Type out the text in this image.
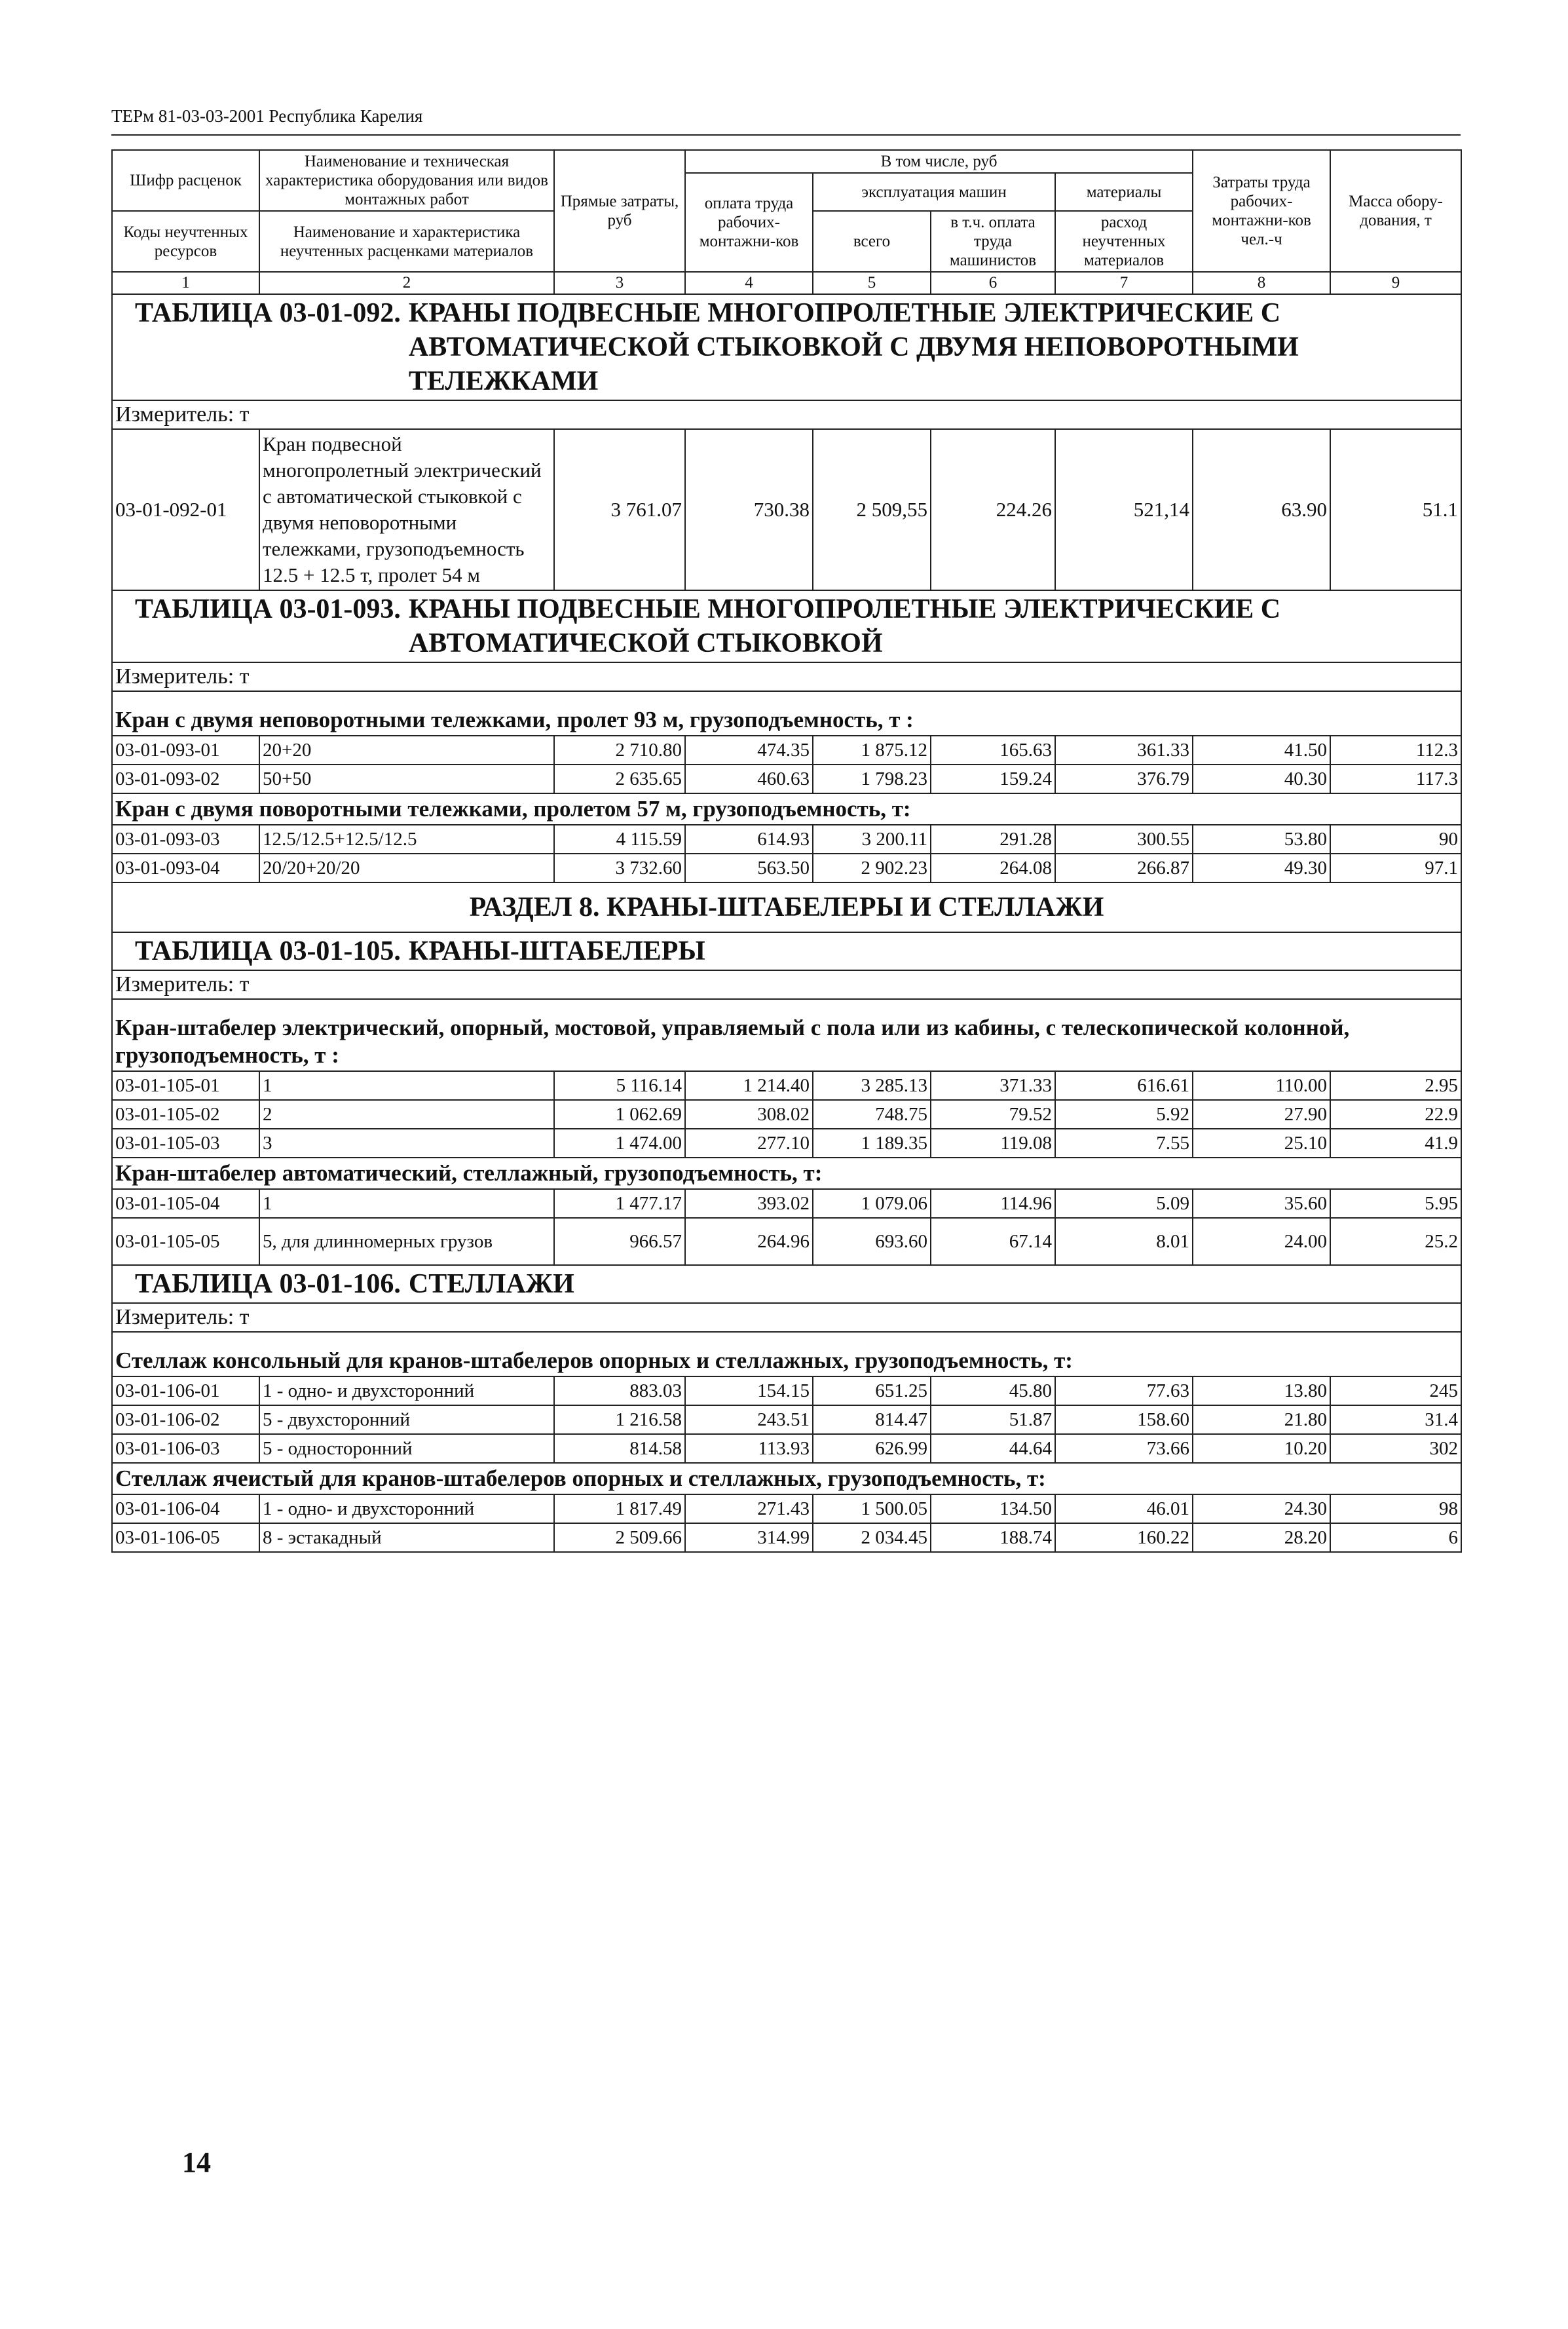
ТЕРм 81-03-03-2001 Республика Карелия
Шифр расценок	Наименование и техническая характеристика оборудования или видов монтажных работ	Прямые затраты, руб	В том числе, руб				Затраты труда рабочих-монтажни-ков чел.-ч	Масса обору-дования, т
			оплата труда рабочих-монтажни-ков	эксплуатация машин		материалы		
Коды неучтенных ресурсов	Наименование и характеристика неучтенных расценками материалов			всего	в т.ч. оплата труда машинистов	расход неучтенных материалов		

1	2	3	4	5	6	7	8	9

ТАБЛИЦА 03-01-092. КРАНЫ ПОДВЕСНЫЕ МНОГОПРОЛЕТНЫЕ ЭЛЕКТРИЧЕСКИЕ С АВТОМАТИЧЕСКОЙ СТЫКОВКОЙ С ДВУМЯ НЕПОВОРОТНЫМИ ТЕЛЕЖКАМИ								

Измеритель: т								
03-01-092-01	Кран подвесной многопролетный электрический с автоматической стыковкой с двумя неповоротными тележками, грузоподъемность 12.5 + 12.5 т, пролет 54 м	3 761.07	730.38	2 509,55	224.26	521,14	63.90	51.1

ТАБЛИЦА 03-01-093. КРАНЫ ПОДВЕСНЫЕ МНОГОПРОЛЕТНЫЕ ЭЛЕКТРИЧЕСКИЕ С АВТОМАТИЧЕСКОЙ СТЫКОВКОЙ								

Измеритель: т								
Кран с двумя неповоротными тележками, пролет 93 м, грузоподъемность, т :								
03-01-093-01	20+20	2 710.80	474.35	1 875.12	165.63	361.33	41.50	112.3
03-01-093-02	50+50	2 635.65	460.63	1 798.23	159.24	376.79	40.30	117.3
Кран с двумя поворотными тележками, пролетом 57 м, грузоподъемность, т:								
03-01-093-03	12.5/12.5+12.5/12.5	4 115.59	614.93	3 200.11	291.28	300.55	53.80	90
03-01-093-04	20/20+20/20	3 732.60	563.50	2 902.23	264.08	266.87	49.30	97.1
РАЗДЕЛ 8. КРАНЫ-ШТАБЕЛЕРЫ И СТЕЛЛАЖИ								

ТАБЛИЦА 03-01-105. КРАНЫ-ШТАБЕЛЕРЫ								

Измеритель: т								
Кран-штабелер электрический, опорный, мостовой, управляемый с пола или из кабины, с телескопической колонной, грузоподъемность, т :								
03-01-105-01	1	5 116.14	1 214.40	3 285.13	371.33	616.61	110.00	2.95
03-01-105-02	2	1 062.69	308.02	748.75	79.52	5.92	27.90	22.9
03-01-105-03	3	1 474.00	277.10	1 189.35	119.08	7.55	25.10	41.9
Кран-штабелер автоматический, стеллажный, грузоподъемность, т:								
03-01-105-04	1	1 477.17	393.02	1 079.06	114.96	5.09	35.60	5.95
03-01-105-05	5, для длинномерных грузов	966.57	264.96	693.60	67.14	8.01	24.00	25.2

ТАБЛИЦА 03-01-106. СТЕЛЛАЖИ								

Измеритель: т								
Стеллаж консольный для кранов-штабелеров опорных и стеллажных, грузоподъемность, т:								
03-01-106-01	1 - одно- и двухсторонний	883.03	154.15	651.25	45.80	77.63	13.80	245
03-01-106-02	5 - двухсторонний	1 216.58	243.51	814.47	51.87	158.60	21.80	31.4
03-01-106-03	5 - односторонний	814.58	113.93	626.99	44.64	73.66	10.20	302
Стеллаж ячеистый для кранов-штабелеров опорных и стеллажных, грузоподъемность, т:								
03-01-106-04	1 - одно- и двухсторонний	1 817.49	271.43	1 500.05	134.50	46.01	24.30	98
03-01-106-05	8 - эстакадный	2 509.66	314.99	2 034.45	188.74	160.22	28.20	6
14
